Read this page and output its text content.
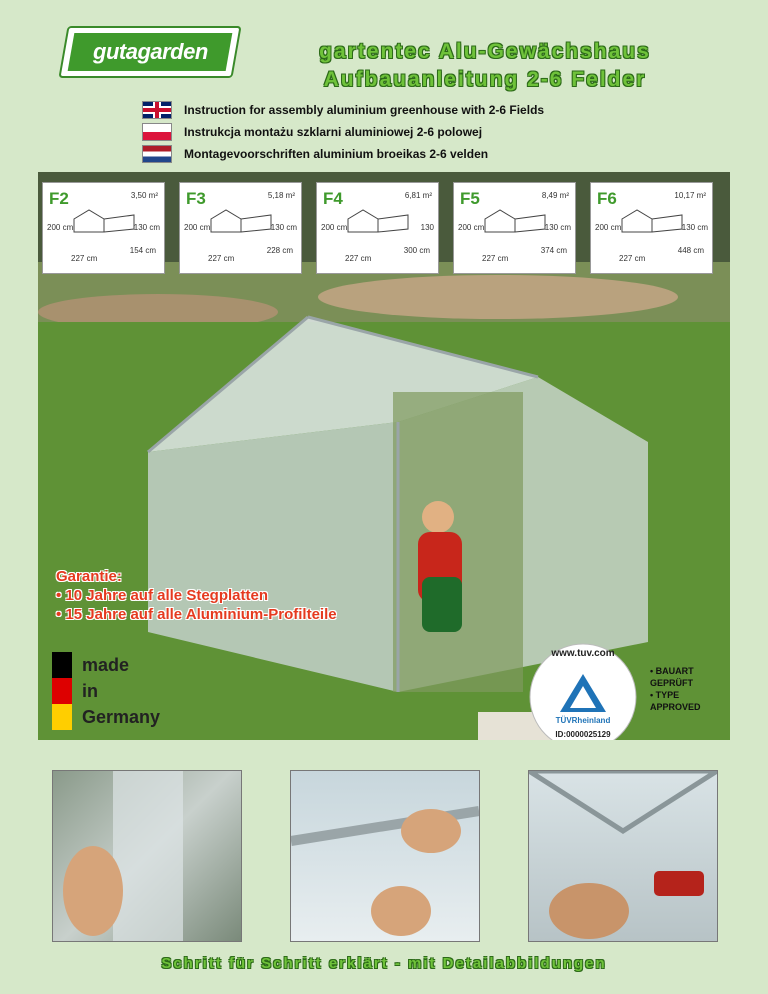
gutagarden	gartentec Alu-Gewächshaus
Aufbauanleitung 2-6 Felder
Instruction for assembly aluminium greenhouse with 2-6 Fields
Instrukcja montażu szklarni aluminiowej 2-6 polowej
Montagevoorschriften aluminium broeikas 2-6 velden
F2	3,50 m²
200 cm	130 cm
227 cm
154 cm
F3	5,18 m²
200 cm	130 cm
227 cm
228 cm
F4	6,81 m²
200 cm	130
227 cm
300 cm
F5	8,49 m²
200 cm	130 cm
227 cm
374 cm
F6	10,17 m²
200 cm	130 cm
227 cm
448 cm
Garantie:
• 10 Jahre auf alle Stegplatten
• 15 Jahre auf alle Aluminium-Profilteile
made
in
Germany
www.tuv.com
TÜVRheinland
ID:0000025129
• BAUART GEPRÜFT
• TYPE APPROVED
Schritt für Schritt erklärt - mit Detailabbildungen
